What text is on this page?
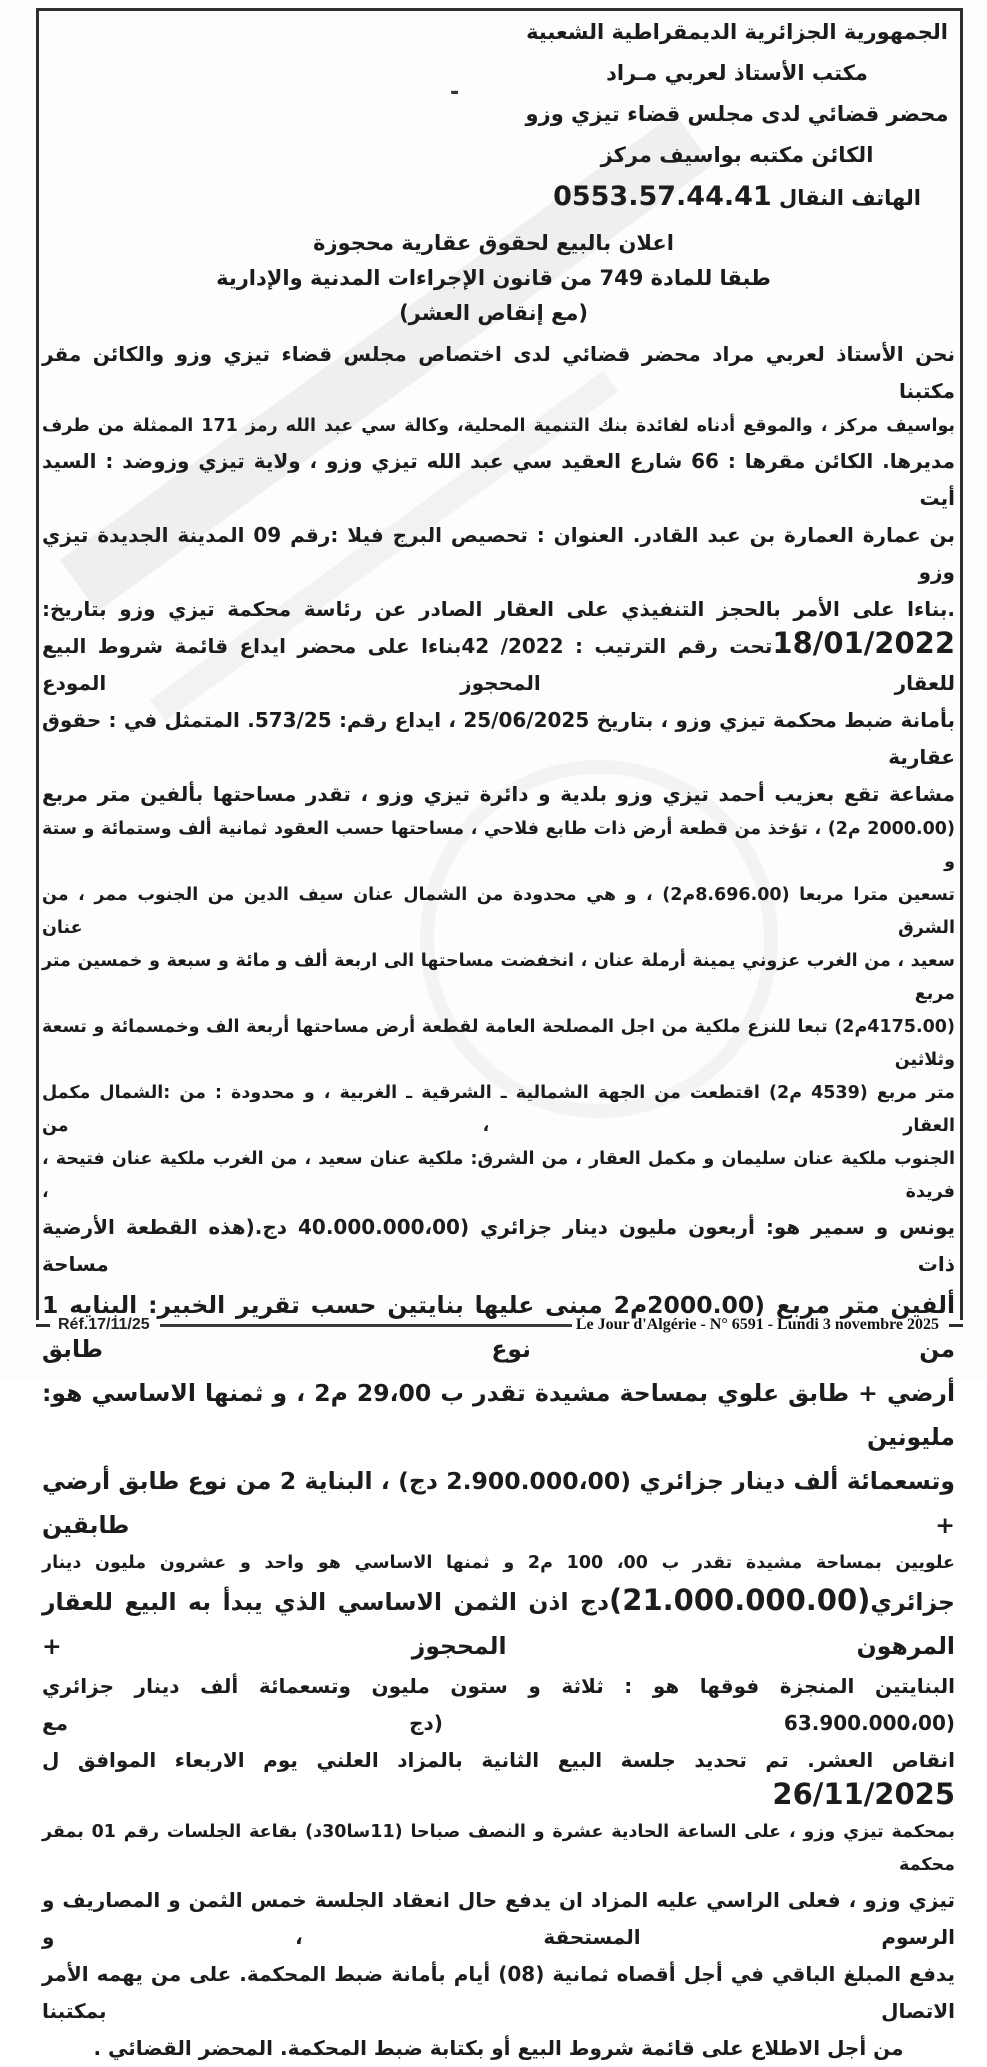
الجمهورية الجزائرية الديمقراطية الشعبية
مكتب الأستاذ لعربي مـراد
محضر قضائي لدى مجلس قضاء تيزي وزو
الكائن مكتبه بواسيف مركز
الهاتف النقال 0553.57.44.41
-
اعلان بالبيع لحقوق عقارية محجوزة
طبقا للمادة 749 من قانون الإجراءات المدنية والإدارية
(مع إنقاص العشر)
نحن الأستاذ لعربي مراد محضر قضائي لدى اختصاص مجلس قضاء تيزي وزو والكائن مقر مكتبنا
بواسيف مركز ، والموقع أدناه لفائدة بنك التنمية المحلية، وكالة سي عبد الله رمز 171 الممثلة من طرف
مديرها. الكائن مقرها : 66 شارع العقيد سي عبد الله تيزي وزو ، ولاية تيزي وزوضد : السيد أيت
بن عمارة العمارة بن عبد القادر. العنوان : تحصيص البرج فيلا :رقم 09 المدينة الجديدة تيزي وزو
.بناءا على الأمر بالحجز التنفيذي على العقار الصادر عن رئاسة محكمة تيزي وزو بتاريخ:
18/01/2022تحت رقم الترتيب : 2022/ 42بناءا على محضر ايداع قائمة شروط البيع للعقار المحجوز المودع
بأمانة ضبط محكمة تيزي وزو ، بتاريخ 25/06/2025 ، ايداع رقم: 573/25. المتمثل في : حقوق عقارية
مشاعة تقع بعزيب أحمد تيزي وزو بلدية و دائرة تيزي وزو ، تقدر مساحتها بألفين متر مربع
(2000.00 م2) ، تؤخذ من قطعة أرض ذات طابع فلاحي ، مساحتها حسب العقود ثمانية ألف وستمائة و ستة و
تسعين مترا مربعا (8.696.00م2) ، و هي محدودة من الشمال عنان سيف الدين من الجنوب ممر ، من الشرق عنان
سعيد ، من الغرب عزوني يمينة أرملة عنان ، انخفضت مساحتها الى اربعة ألف و مائة و سبعة و خمسين متر مربع
(4175.00م2) تبعا للنزع ملكية من اجل المصلحة العامة لقطعة أرض مساحتها أربعة الف وخمسمائة و تسعة وثلاثين
متر مربع (4539 م2) اقتطعت من الجهة الشمالية ـ الشرقية ـ الغربية ، و محدودة : من :الشمال مكمل العقار ، من
الجنوب ملكية عنان سليمان و مكمل العقار ، من الشرق: ملكية عنان سعيد ، من الغرب ملكية عنان فتيحة ، فريدة ،
يونس و سمير هو: أربعون مليون دينار جزائري (40.000.000،00 دج.(هذه القطعة الأرضية ذات مساحة
ألفين متر مربع (2000.00م2 مبنى عليها بنايتين حسب تقرير الخبير: البنايه 1 من نوع طابق
أرضي + طابق علوي بمساحة مشيدة تقدر ب 29،00 م2 ، و ثمنها الاساسي هو: مليونين
وتسعمائة ألف دينار جزائري (2.900.000،00 دج) ، البناية 2 من نوع طابق أرضي + طابقين
علويين بمساحة مشيدة تقدر ب 00، 100 م2 و ثمنها الاساسي هو واحد و عشرون مليون دينار
جزائري(21.000.000.00)دج اذن الثمن الاساسي الذي يبدأ به البيع للعقار المرهون المحجوز +
البنايتين المنجزة فوقها هو : ثلاثة و ستون مليون وتسعمائة ألف دينار جزائري (63.900.000،00 (دج مع
انقاص العشر. تم تحديد جلسة البيع الثانية بالمزاد العلني يوم الاربعاء الموافق ل 26/11/2025
بمحكمة تيزي وزو ، على الساعة الحادية عشرة و النصف صباحا (11سا30د) بقاعة الجلسات رقم 01 بمقر محكمة
تيزي وزو ، فعلى الراسي عليه المزاد ان يدفع حال انعقاد الجلسة خمس الثمن و المصاريف و الرسوم المستحقة ، و
يدفع المبلغ الباقي في أجل أقصاه ثمانية (08) أيام بأمانة ضبط المحكمة. على من يهمه الأمر الاتصال بمكتبنا
من أجل الاطلاع على قائمة شروط البيع أو بكتابة ضبط المحكمة. المحضر القضائي .
Réf.17/11/25	Le Jour d'Algérie - N° 6591 - Lundi 3 novembre 2025
